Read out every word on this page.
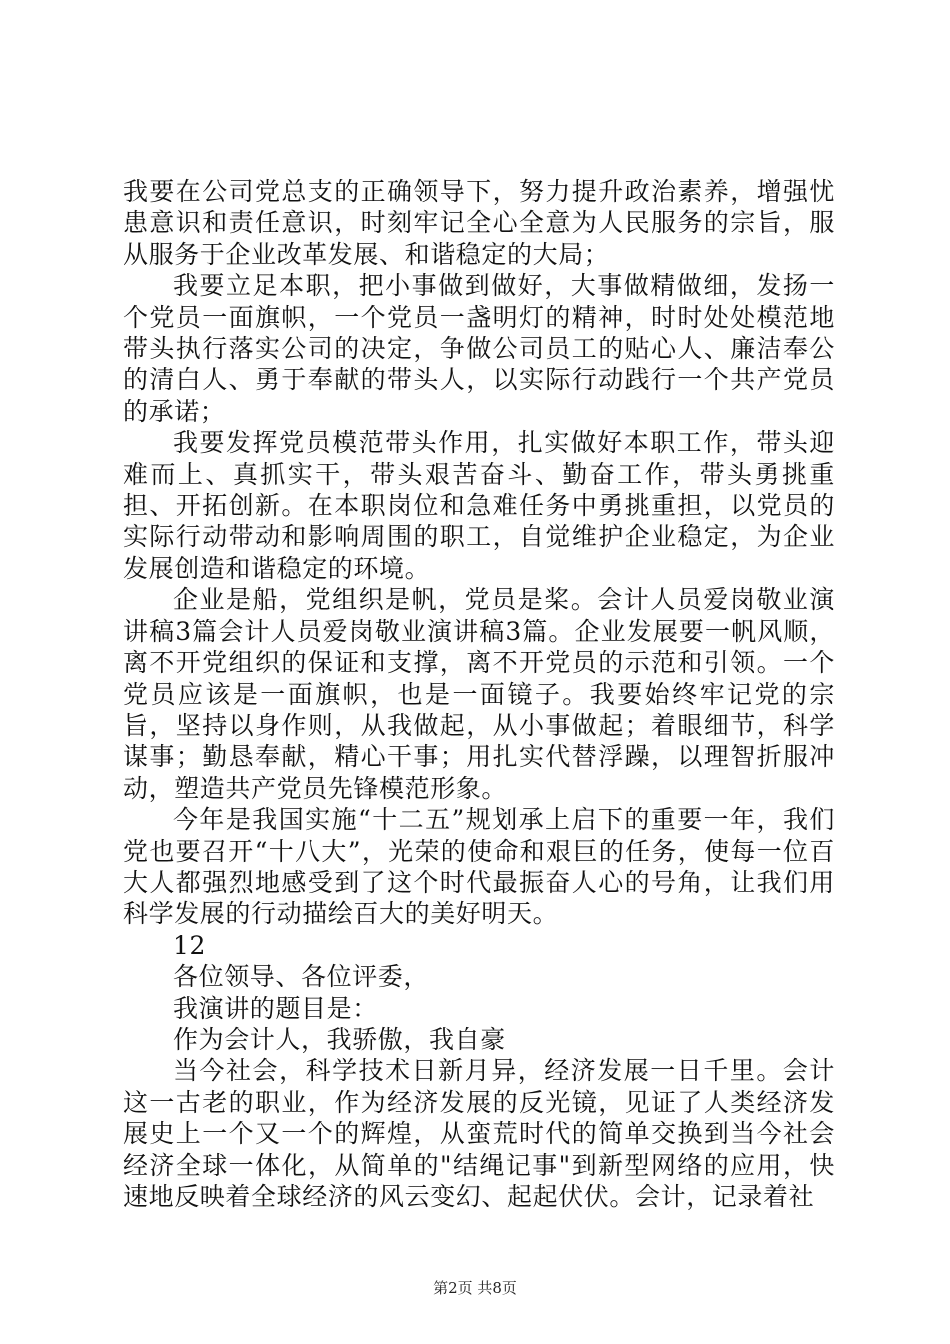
我要在公司党总支的正确领导下，努力提升政治素养，增强忧患意识和责任意识，时刻牢记全心全意为人民服务的宗旨，服从服务于企业改革发展、和谐稳定的大局；

我要立足本职，把小事做到做好，大事做精做细，发扬一个党员一面旗帜，一个党员一盏明灯的精神，时时处处模范地带头执行落实公司的决定，争做公司员工的贴心人、廉洁奉公的清白人、勇于奉献的带头人，以实际行动践行一个共产党员的承诺；

我要发挥党员模范带头作用，扎实做好本职工作，带头迎难而上、真抓实干，带头艰苦奋斗、勤奋工作，带头勇挑重担、开拓创新。在本职岗位和急难任务中勇挑重担，以党员的实际行动带动和影响周围的职工，自觉维护企业稳定，为企业发展创造和谐稳定的环境。

企业是船，党组织是帆，党员是桨。会计人员爱岗敬业演讲稿3篇会计人员爱岗敬业演讲稿3篇。企业发展要一帆风顺，离不开党组织的保证和支撑，离不开党员的示范和引领。一个党员应该是一面旗帜，也是一面镜子。我要始终牢记党的宗旨，坚持以身作则，从我做起，从小事做起；着眼细节，科学谋事；勤恳奉献，精心干事；用扎实代替浮躁，以理智折服冲动，塑造共产党员先锋模范形象。

今年是我国实施“十二五”规划承上启下的重要一年，我们党也要召开“十八大”，光荣的使命和艰巨的任务，使每一位百大人都强烈地感受到了这个时代最振奋人心的号角，让我们用科学发展的行动描绘百大的美好明天。

12

各位领导、各位评委，

我演讲的题目是：

作为会计人，我骄傲，我自豪

当今社会，科学技术日新月异，经济发展一日千里。会计这一古老的职业，作为经济发展的反光镜，见证了人类经济发展史上一个又一个的辉煌，从蛮荒时代的简单交换到当今社会经济全球一体化，从简单的"结绳记事"到新型网络的应用，快速地反映着全球经济的风云变幻、起起伏伏。会计，记录着社

第2页 共8页
